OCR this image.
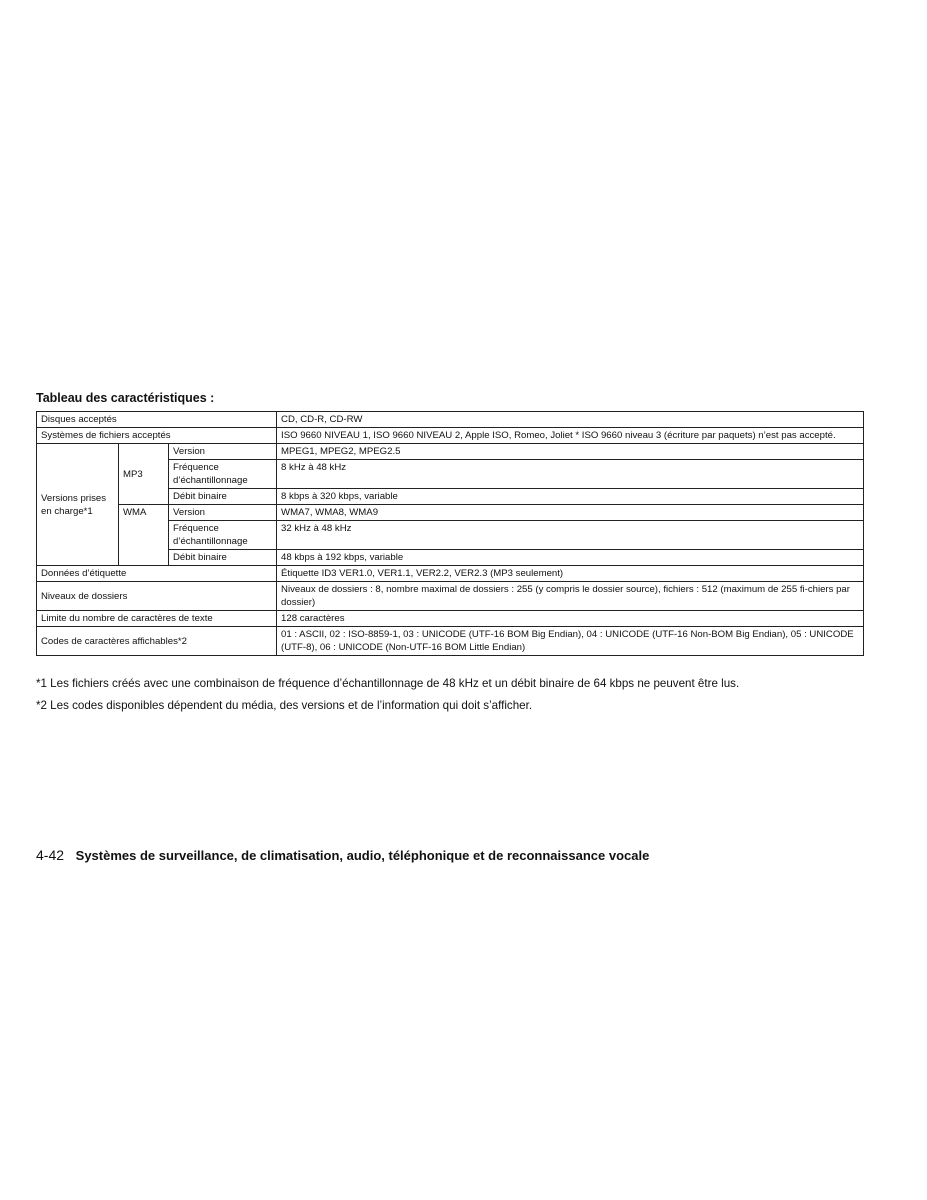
Tableau des caractéristiques :
Disques acceptés			CD, CD-R, CD-RW
Systèmes de fichiers acceptés			ISO 9660 NIVEAU 1, ISO 9660 NIVEAU 2, Apple ISO, Romeo, Joliet * ISO 9660 niveau 3 (écriture par paquets) n’est pas accepté.
Versions prises en charge*1	MP3	Version	MPEG1, MPEG2, MPEG2.5
		Fréquence d’échantillonnage	8 kHz à 48 kHz
		Débit binaire	8 kbps à 320 kbps, variable
	WMA	Version	WMA7, WMA8, WMA9
		Fréquence d’échantillonnage	32 kHz à 48 kHz
		Débit binaire	48 kbps à 192 kbps, variable
Données d’étiquette			Étiquette ID3 VER1.0, VER1.1, VER2.2, VER2.3 (MP3 seulement)
Niveaux de dossiers			Niveaux de dossiers : 8, nombre maximal de dossiers : 255 (y compris le dossier source), fichiers : 512 (maximum de 255 fi-chiers par dossier)
Limite du nombre de caractères de texte			128 caractères
Codes de caractères affichables*2			01 : ASCII, 02 : ISO-8859-1, 03 : UNICODE (UTF-16 BOM Big Endian), 04 : UNICODE (UTF-16 Non-BOM Big Endian), 05 : UNICODE (UTF-8), 06 : UNICODE (Non-UTF-16 BOM Little Endian)

*1 Les fichiers créés avec une combinaison de fréquence d’échantillonnage de 48 kHz et un débit binaire de 64 kbps ne peuvent être lus.

*2 Les codes disponibles dépendent du média, des versions et de l’information qui doit s’afficher.

4-42 Systèmes de surveillance, de climatisation, audio, téléphonique et de reconnaissance vocale
